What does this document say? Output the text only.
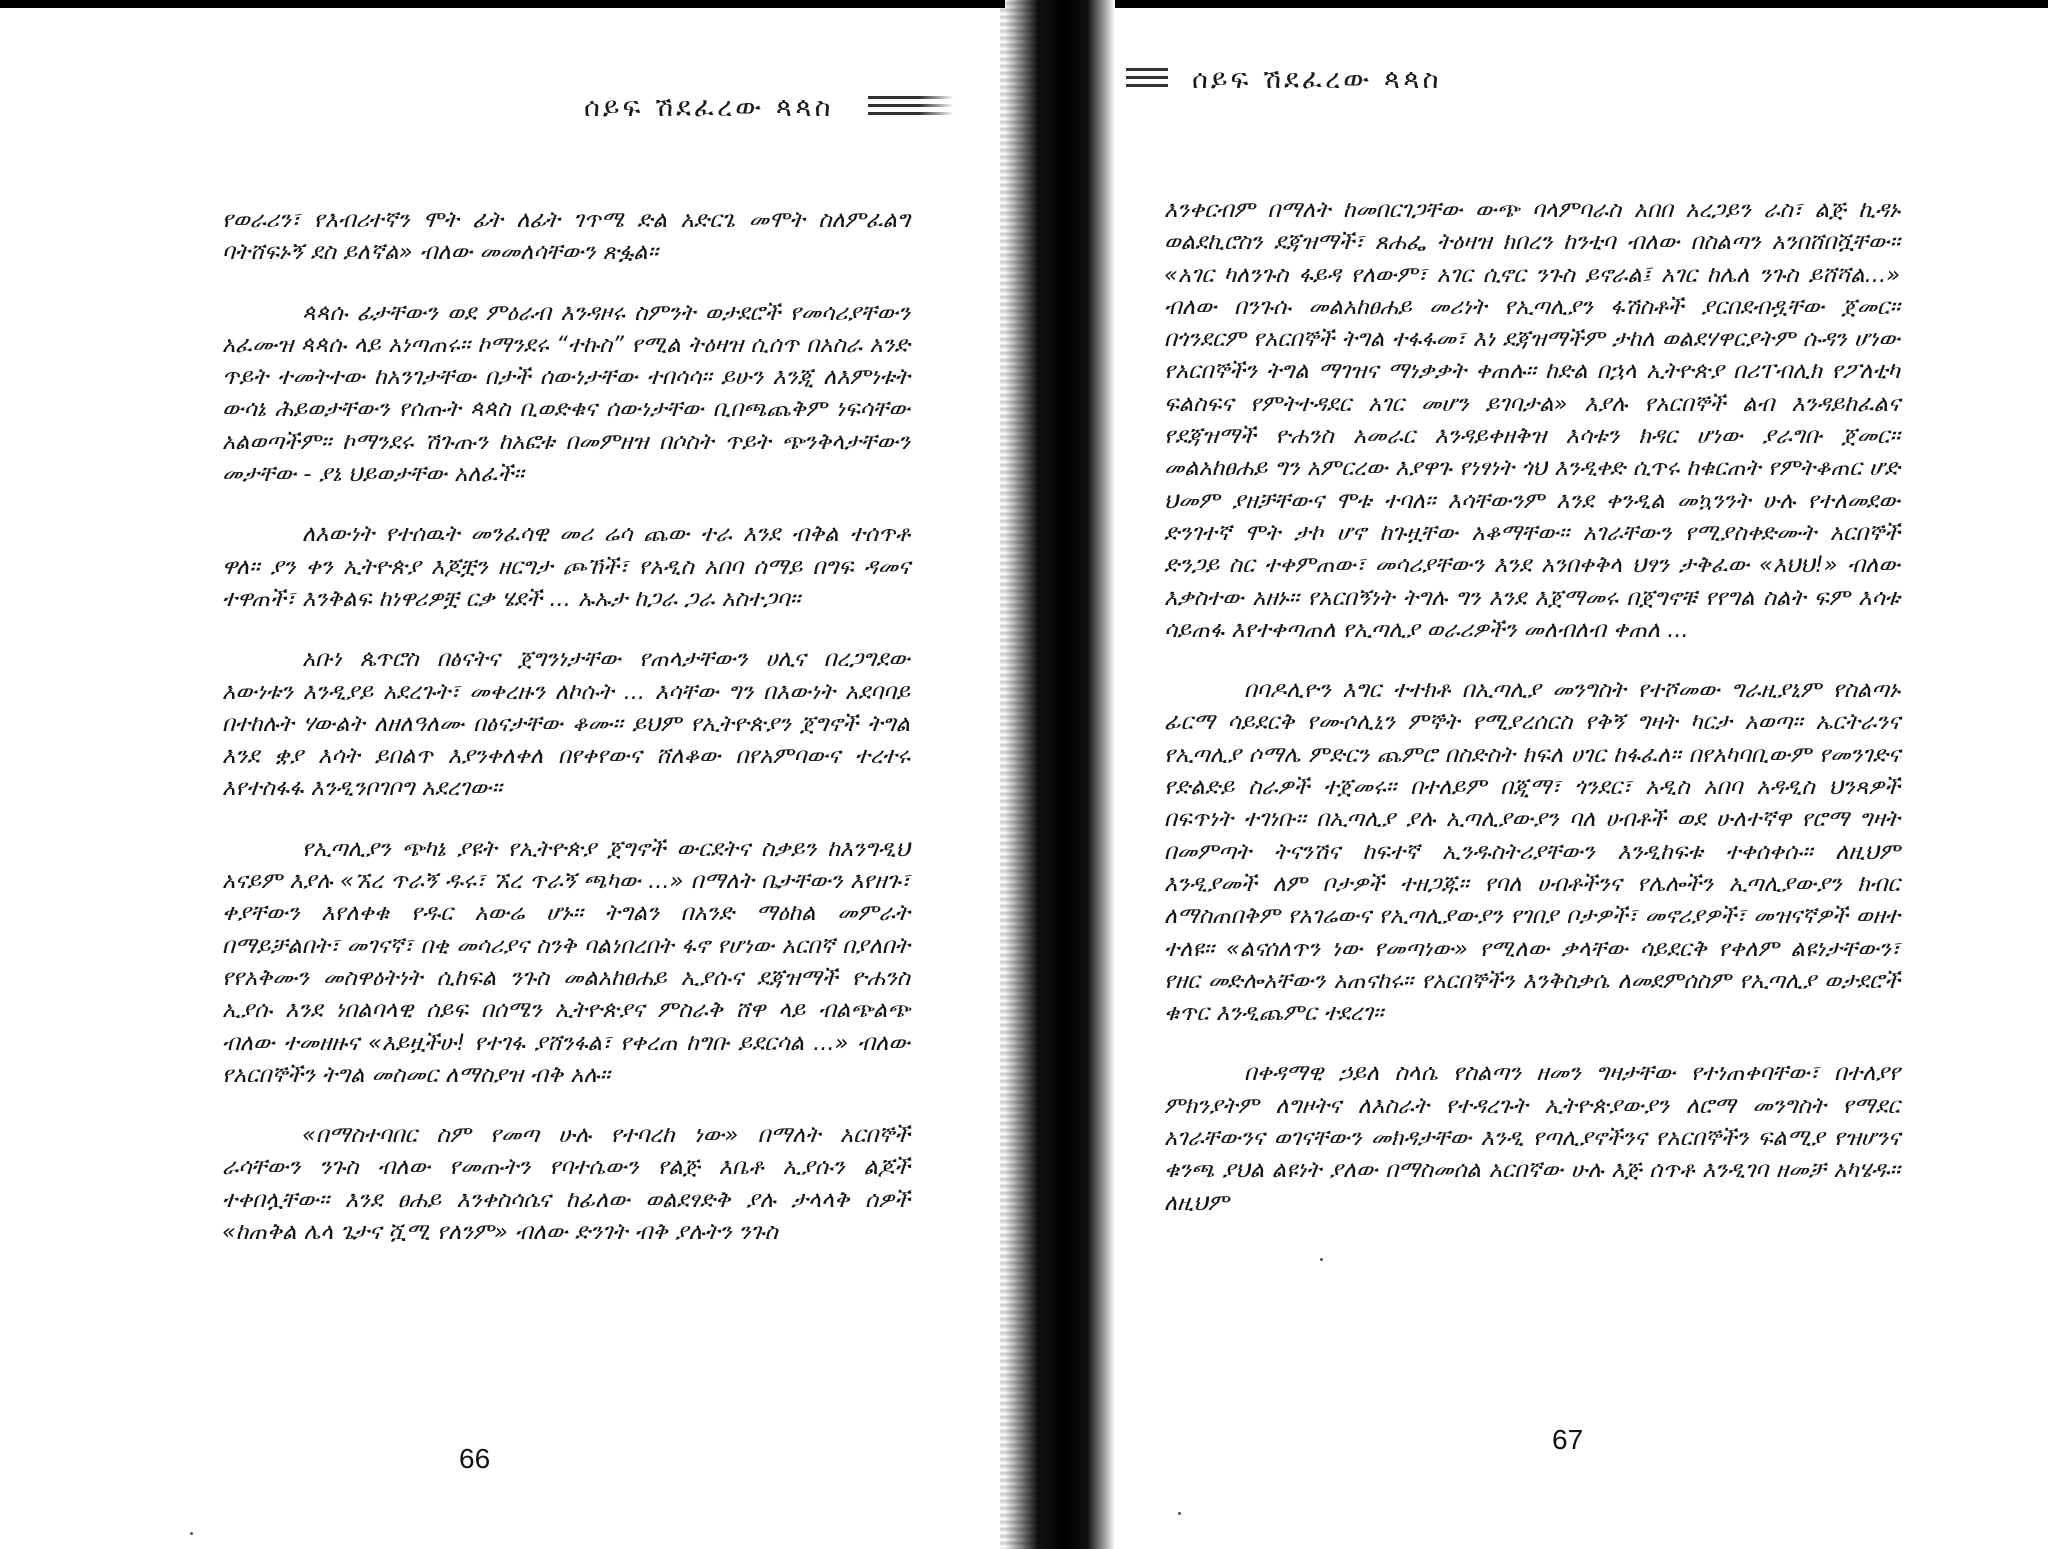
ሰይፍ ሽደፈረው ጳጳስ

የወራሪን፣ የእብሪተኛን ሞት ፊት ለፊት ገጥሜ ድል አድርጌ መሞት ስለምፈልግ ባትሸፍኑኝ ደስ ይለኛል» ብለው መመለሳቸውን ጽፏል።

ጳጳሱ ፊታቸውን ወደ ምዕራብ እንዳዞሩ ስምንት ወታደሮች የመሳሪያቸውን አፈሙዝ ጳጳሱ ላይ አነጣጠሩ። ኮማንደሩ “ተኩስ” የሚል ትዕዛዝ ሲሰጥ በአስራ አንድ ጥይት ተመትተው ከአንገታቸው በታች ሰውነታቸው ተበሳሳ። ይሁን እንጂ ለእምነቱት ውሳኔ ሕይወታቸውን የሰጡት ጳጳስ ቢወድቁና ሰውነታቸው ቢበጫጨቅም ነፍሳቸው አልወጣችም። ኮማንደሩ ሽጉጡን ከአፎቱ በመምዘዝ በሶስት ጥይት ጭንቅላታቸውን መታቸው - ያኔ ህይወታቸው አለፈች።

ለእውነት የተሰዉት መንፈሳዊ መሪ ሬሳ ጨው ተራ እንደ ብቅል ተሰጥቶ ዋለ። ያን ቀን ኢትዮጵያ እጆቿን ዘርግታ ጮኸች፣ የአዲስ አበባ ሰማይ በግፍ ዳመና ተዋጠች፣ እንቅልፍ ከነዋሪዎቿ ርቃ ሄደች ... ኡኡታ ከጋራ ጋራ አስተጋባ።

አቡነ ጴጥሮስ በፅናትና ጀግንነታቸው የጠላታቸውን ሀሊና በረጋግደው እውነቱን እንዲያይ አደረጉት፣ መቀረዙን ለኮሱት ... እሳቸው ግን በእውነት አደባባይ በተከሉት ሃውልት ለዘለዓለሙ በፅናታቸው ቆሙ። ይህም የኢትዮጵያን ጀግኖች ትግል እንደ ቋያ እሳት ይበልጥ እያንቀለቀለ በየቀየውና ሸለቆው በየአምባውና ተረተሩ እየተስፋፋ እንዲንቦገቦግ አደረገው።

የኢጣሊያን ጭካኔ ያዩት የኢትዮጵያ ጀግኖች ውርደትና ስቃይን ከእንግዲህ አናይም እያሉ «ኧረ ጥራኝ ዱሩ፣ ኧረ ጥራኝ ጫካው ...» በማለት ቤታቸውን እየዘጉ፣ ቀያቸውን እየለቀቁ የዱር አውሬ ሆኑ። ትግልን በአንድ ማዕከል መምራት በማይቻልበት፣ መገናኛ፣ በቂ መሳሪያና ስንቅ ባልነበረበት ፋኖ የሆነው አርበኛ በያለበት የየአቅሙን መስዋዕትነት ሲከፍል ንጉስ መልአከፀሐይ ኢያሱና ደጃዝማች ዮሐንስ ኢያሱ እንደ ነበልባላዊ ሰይፍ በሰሜን ኢትዮጵያና ምስራቅ ሸዋ ላይ ብልጭልጭ ብለው ተመዘዙና «እይዟችሁ! የተገፋ ያሸንፋል፣ የቀረጠ ከግቡ ይደርሳል ...» ብለው የአርበኞችን ትግል መስመር ለማስያዝ ብቅ አሉ።

«በማስተባበር ስም የመጣ ሁሉ የተባረከ ነው» በማለት አርበኞች ራሳቸውን ንጉስ ብለው የመጡትን የባተሴውን የልጅ እቤቶ ኢያሱን ልጆች ተቀበሏቸው። እንደ ፀሐይ እንቀስሳሴና ከፊለው ወልደፃድቅ ያሉ ታላላቅ ሰዎች «ከጠቅል ሌላ ጌታና ሿሚ የለንም» ብለው ድንገት ብቅ ያሉትን ንጉስ

66
ሰይፍ ሽደፈረው ጳጳስ

እንቀርብም በማለት ከመበርገጋቸው ውጭ ባላምባራስ አበበ አረጋይን ራስ፣ ልጅ ኪዳኑ ወልደኪሮስን ደጃዝማች፣ ጸሐፌ ትዕዛዝ ክበረን ከንቲባ ብለው በስልጣን አንበሸበሿቸው። «አገር ካለንጉስ ፋይዳ የለውም፣ አገር ሲኖር ንጉስ ይኖራል፤ አገር ከሌለ ንጉስ ይሸሻል...» ብለው በንጉሱ መልአከፀሐይ መሪነት የኢጣሊያን ፋሽስቶች ያርበደብዷቸው ጀመር። በጎንደርም የአርበኞች ትግል ተፋፋመ፣ እነ ደጃዝማችም ታከለ ወልደሃዋርያትም ሱዳን ሆነው የአርበኞችን ትግል ማገዝና ማነቃቃት ቀጠሉ። ከድል በኋላ ኢትዮጵያ በሪፐብሊክ የፖለቲካ ፍልስፍና የምትተዳደር አገር መሆን ይገባታል» እያሉ የአርበኞች ልብ እንዳይከፈልና የደጃዝማች ዮሐንስ አመራር እንዳይቀዘቅዝ እሳቱን ክዳር ሆነው ያራግቡ ጀመር። መልአከፀሐይ ግን አምርረው እያዋጉ የነፃነት ጎህ እንዲቀድ ሲጥሩ ከቁርጠት የምትቆጠር ሆድ ህመም ያዘቻቸውና ሞቱ ተባለ። እሳቸውንም እንደ ቀንዲል መኳንንት ሁሉ የተለመደው ድንገተኛ ሞት ታኮ ሆኖ ከጉዟቸው አቆማቸው። አገራቸውን የሚያስቀድሙት አርበኞች ድንጋይ ስር ተቀምጠው፣ መሳሪያቸውን እንደ አንበቀቅላ ህፃን ታቅፈው «እህህ!» ብለው እቃስተው አዘኑ። የአርበኝነት ትግሉ ግን እንደ እጀማመሩ በጀግኖቹ የየግል ስልት ፍም እሳቱ ሳይጠፋ እየተቀጣጠለ የኢጣሊያ ወራሪዎችን መለብለብ ቀጠለ ...

በባዶሊዮን እግር ተተክቶ በኢጣሊያ መንግስት የተሾመው ግራዚያኒም የስልጣኑ ፊርማ ሳይደርቅ የሙሶሊኒን ምኞት የሚያረሰርስ የቅኝ ግዛት ካርታ አወጣ። ኤርትራንና የኢጣሊያ ሶማሌ ምድርን ጨምሮ በስድስት ክፍለ ሀገር ከፋፈለ። በየአካባቢውም የመንገድና የድልድይ ስራዎች ተጀመሩ። በተለይም በጂማ፣ ጎንደር፣ አዲስ አበባ አዳዲስ ህንጻዎች በፍጥነት ተገነቡ። በኢጣሊያ ያሉ ኢጣሊያውያን ባለ ሀብቶች ወደ ሁለተኛዋ የሮማ ግዛት በመምጣት ትናንሽና ከፍተኛ ኢንዱስትሪያቸውን እንዲከፍቱ ተቀሰቀሱ። ለዚህም እንዲያመች ለም ቦታዎች ተዘጋጁ። የባለ ሀብቶችንና የሌሎችን ኢጣሊያውያን ክብር ለማስጠበቅም የአገሬውና የኢጣሊያውያን የገበያ ቦታዎች፣ መኖሪያዎች፣ መዝናኛዎች ወዘተ ተለዩ። «ልናሰለጥን ነው የመጣነው» የሚለው ቃላቸው ሳይደርቅ የቀለም ልዩነታቸውን፣ የዘር መድሎአቸውን አጠናከሩ። የአርበኞችን እንቅስቃሴ ለመደምሰስም የኢጣሊያ ወታደሮች ቁጥር እንዲጨምር ተደረገ።

በቀዳማዊ ኃይለ ስላሴ የስልጣን ዘመን ግዛታቸው የተነጠቀባቸው፣ በተለያየ ምክንያትም ለግዞትና ለእስራት የተዳረጉት ኢትዮጵያውያን ለሮማ መንግስት የማደር አገራቸውንና ወገናቸውን መክዳታቸው እንዲ የጣሊያኖችንና የአርበኞችን ፍልሚያ የዝሆንና ቁንጫ ያህል ልዩነት ያለው በማስመሰል አርበኛው ሁሉ እጅ ሰጥቶ እንዲገባ ዘመቻ አካሄዱ። ለዚህም

67
